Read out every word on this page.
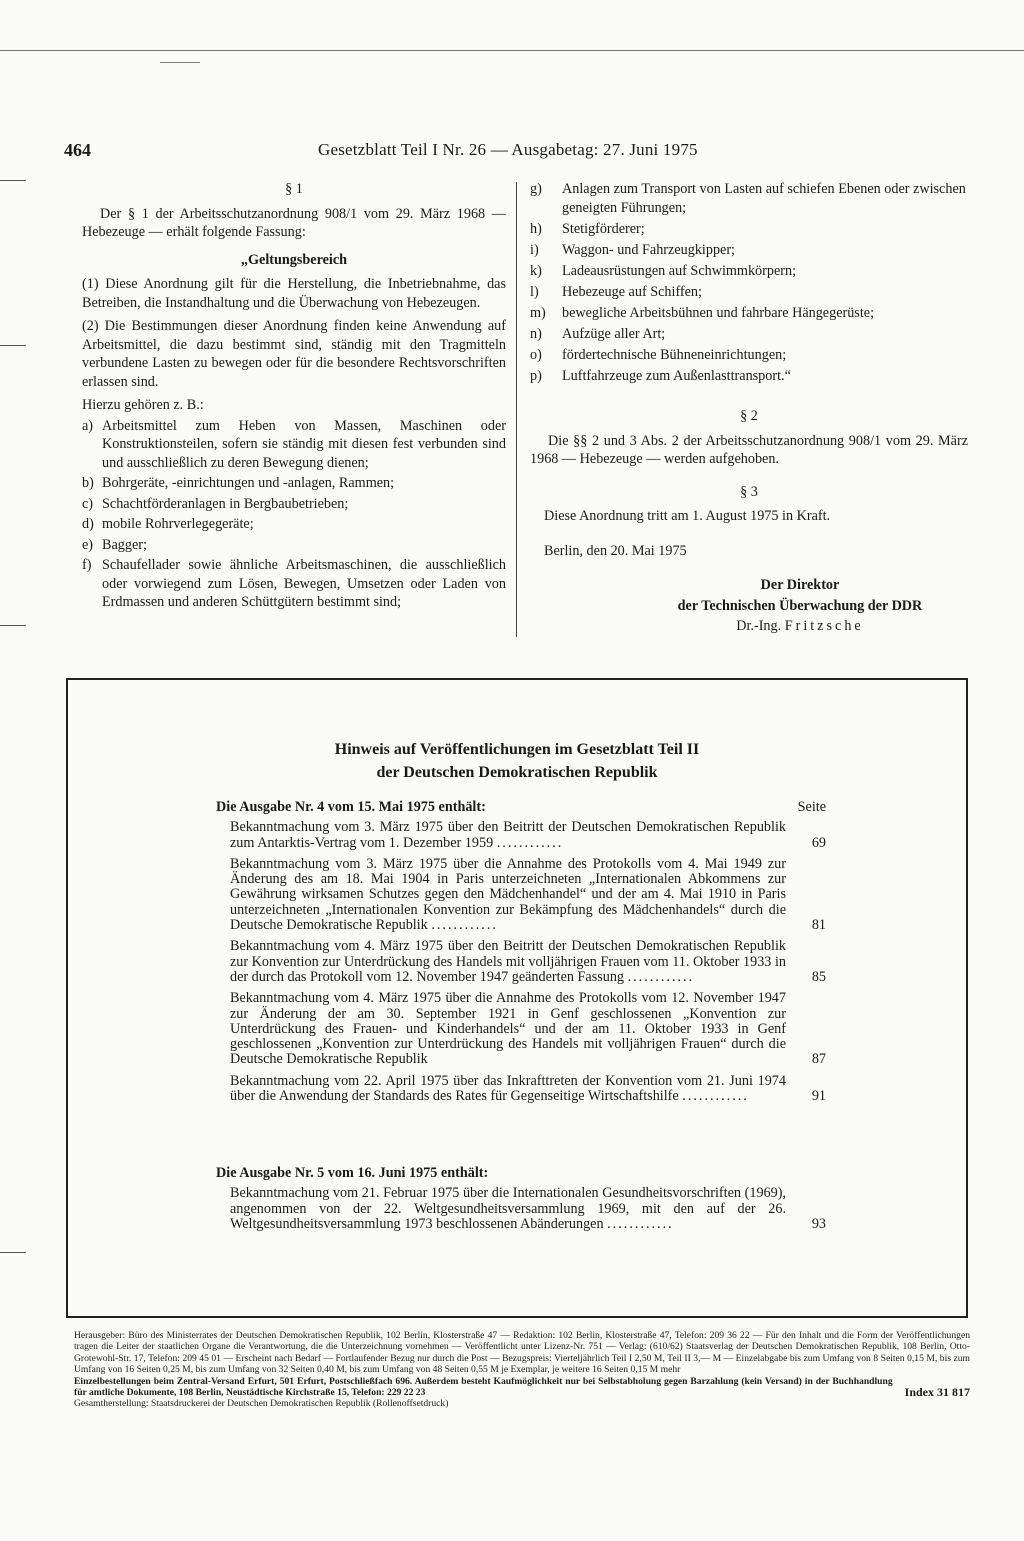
464	Gesetzblatt Teil I Nr. 26 — Ausgabetag: 27. Juni 1975

§ 1

Der § 1 der Arbeitsschutzanordnung 908/1 vom 29. März 1968 — Hebezeuge — erhält folgende Fassung:

„Geltungsbereich

(1) Diese Anordnung gilt für die Herstellung, die Inbetriebnahme, das Betreiben, die Instandhaltung und die Überwachung von Hebezeugen.

(2) Die Bestimmungen dieser Anordnung finden keine Anwendung auf Arbeitsmittel, die dazu bestimmt sind, ständig mit den Tragmitteln verbundene Lasten zu bewegen oder für die besondere Rechtsvorschriften erlassen sind.

Hierzu gehören z. B.:

a) Arbeitsmittel zum Heben von Massen, Maschinen oder Konstruktionsteilen, sofern sie ständig mit diesen fest verbunden sind und ausschließlich zu deren Bewegung dienen;
b) Bohrgeräte, -einrichtungen und -anlagen, Rammen;
c) Schachtförderanlagen in Bergbaubetrieben;
d) mobile Rohrverlegegeräte;
e) Bagger;
f) Schaufellader sowie ähnliche Arbeitsmaschinen, die ausschließlich oder vorwiegend zum Lösen, Bewegen, Umsetzen oder Laden von Erdmassen und anderen Schüttgütern bestimmt sind;
g)	Anlagen zum Transport von Lasten auf schiefen Ebenen oder zwischen geneigten Führungen;
h)	Stetigförderer;
i)	Waggon- und Fahrzeugkipper;
k)	Ladeausrüstungen auf Schwimmkörpern;
l)	Hebezeuge auf Schiffen;
m)	bewegliche Arbeitsbühnen und fahrbare Hängegerüste;
n)	Aufzüge aller Art;
o)	fördertechnische Bühneneinrichtungen;
p)	Luftfahrzeuge zum Außenlasttransport.“

§ 2

Die §§ 2 und 3 Abs. 2 der Arbeitsschutzanordnung 908/1 vom 29. März 1968 — Hebezeuge — werden aufgehoben.

§ 3

Diese Anordnung tritt am 1. August 1975 in Kraft.

Berlin, den 20. Mai 1975

Der Direktor

der Technischen Überwachung der DDR

Dr.-Ing. Fritzsche

Hinweis auf Veröffentlichungen im Gesetzblatt Teil II
der Deutschen Demokratischen Republik
Die Ausgabe Nr. 4 vom 15. Mai 1975 enthält:	Seite
Bekanntmachung vom 3. März 1975 über den Beitritt der Deutschen Demokratischen Republik zum Antarktis-Vertrag vom 1. Dezember 1959 ............	69
Bekanntmachung vom 3. März 1975 über die Annahme des Protokolls vom 4. Mai 1949 zur Änderung des am 18. Mai 1904 in Paris unterzeichneten „Internationalen Abkommens zur Gewährung wirksamen Schutzes gegen den Mädchenhandel“ und der am 4. Mai 1910 in Paris unterzeichneten „Internationalen Konvention zur Bekämpfung des Mädchenhandels“ durch die Deutsche Demokratische Republik ............	81
Bekanntmachung vom 4. März 1975 über den Beitritt der Deutschen Demokratischen Republik zur Konvention zur Unterdrückung des Handels mit volljährigen Frauen vom 11. Oktober 1933 in der durch das Protokoll vom 12. November 1947 geänderten Fassung ............	85
Bekanntmachung vom 4. März 1975 über die Annahme des Protokolls vom 12. November 1947 zur Änderung der am 30. September 1921 in Genf geschlossenen „Konvention zur Unterdrückung des Frauen- und Kinderhandels“ und der am 11. Oktober 1933 in Genf geschlossenen „Konvention zur Unterdrückung des Handels mit volljährigen Frauen“ durch die Deutsche Demokratische Republik	87
Bekanntmachung vom 22. April 1975 über das Inkrafttreten der Konvention vom 21. Juni 1974 über die Anwendung der Standards des Rates für Gegenseitige Wirtschaftshilfe ............	91
Die Ausgabe Nr. 5 vom 16. Juni 1975 enthält:
Bekanntmachung vom 21. Februar 1975 über die Internationalen Gesundheitsvorschriften (1969), angenommen von der 22. Weltgesundheitsversammlung 1969, mit den auf der 26. Weltgesundheitsversammlung 1973 beschlossenen Abänderungen ............	93

Herausgeber: Büro des Ministerrates der Deutschen Demokratischen Republik, 102 Berlin, Klosterstraße 47 — Redaktion: 102 Berlin, Klosterstraße 47, Telefon: 209 36 22 — Für den Inhalt und die Form der Veröffentlichungen tragen die Leiter der staatlichen Organe die Verantwortung, die die Unterzeichnung vornehmen — Veröffentlicht unter Lizenz-Nr. 751 — Verlag: (610/62) Staatsverlag der Deutschen Demokratischen Republik, 108 Berlin, Otto-Grotewohl-Str. 17, Telefon: 209 45 01 — Erscheint nach Bedarf — Fortlaufender Bezug nur durch die Post — Bezugspreis: Vierteljährlich Teil I 2,50 M, Teil II 3,— M — Einzelabgabe bis zum Umfang von 8 Seiten 0,15 M, bis zum Umfang von 16 Seiten 0,25 M, bis zum Umfang von 32 Seiten 0,40 M, bis zum Umfang von 48 Seiten 0,55 M je Exemplar, je weitere 16 Seiten 0,15 M mehr

Einzelbestellungen beim Zentral-Versand Erfurt, 501 Erfurt, Postschließfach 696. Außerdem besteht Kaufmöglichkeit nur bei Selbstabholung gegen Barzahlung (kein Versand) in der Buchhandlung für amtliche Dokumente, 108 Berlin, Neustädtische Kirchstraße 15, Telefon: 229 22 23	Index 31 817

Gesamtherstellung: Staatsdruckerei der Deutschen Demokratischen Republik (Rollenoffsetdruck)
